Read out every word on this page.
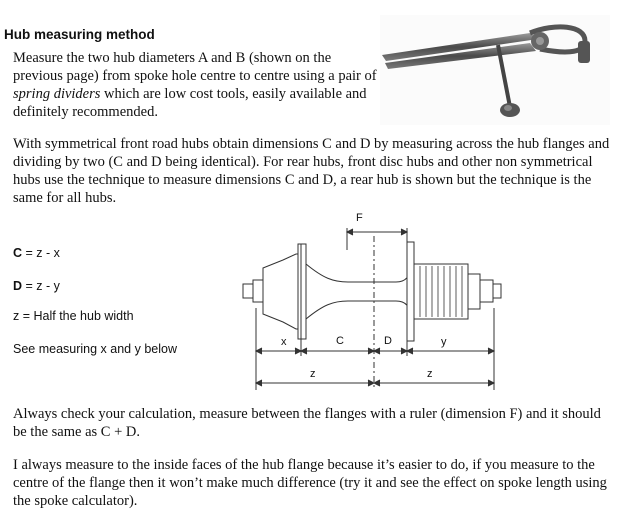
Hub measuring method

Measure the two hub diameters A and B (shown on the previous page) from spoke hole centre to centre using a pair of spring dividers which are low cost tools, easily available and definitely recommended.

With symmetrical front road hubs obtain dimensions C and D by measuring across the hub flanges and dividing by two (C and D being identical). For rear hubs, front disc hubs and other non symmetrical hubs use the technique to measure dimensions C and D, a rear hub is shown but the technique is the same for all hubs.

C = z - x
D = z - y
z = Half the hub width
See measuring x and y below
F
x	C	D	y
z	z

Always check your calculation, measure between the flanges with a ruler (dimension F) and it should be the same as C + D.

I always measure to the inside faces of the hub flange because it’s easier to do, if you measure to the centre of the flange then it won’t make much difference (try it and see the effect on spoke length using the spoke calculator).
